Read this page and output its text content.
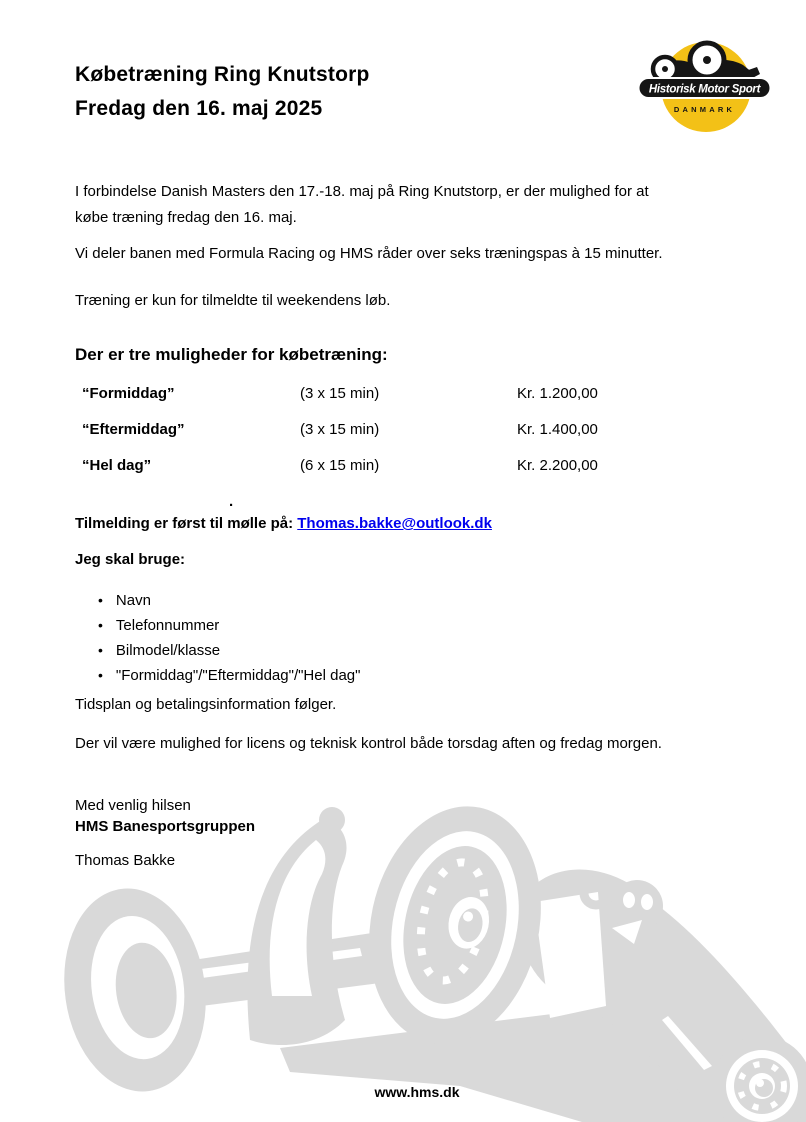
Købetræning Ring Knutstorp
Fredag den 16. maj 2025
Historisk Motor Sport
DANMARK

I forbindelse Danish Masters den 17.-18. maj på Ring Knutstorp, er der mulighed for at
købe træning fredag den 16. maj.

Vi deler banen med Formula Racing og HMS råder over seks træningspas à 15 minutter.

Træning er kun for tilmeldte til weekendens løb.

Der er tre muligheder for købetræning:
“Formiddag”	(3 x 15 min)	Kr. 1.200,00
“Eftermiddag”	(3 x 15 min)	Kr. 1.400,00
“Hel dag”	(6 x 15 min)	Kr. 2.200,00
.

Tilmelding er først til mølle på: Thomas.bakke@outlook.dk

Jeg skal bruge:
• Navn
• Telefonnummer
• Bilmodel/klasse
• "Formiddag"/"Eftermiddag"/"Hel dag"

Tidsplan og betalingsinformation følger.

Der vil være mulighed for licens og teknisk kontrol både torsdag aften og fredag morgen.

Med venlig hilsen
HMS Banesportsgruppen

Thomas Bakke

www.hms.dk
